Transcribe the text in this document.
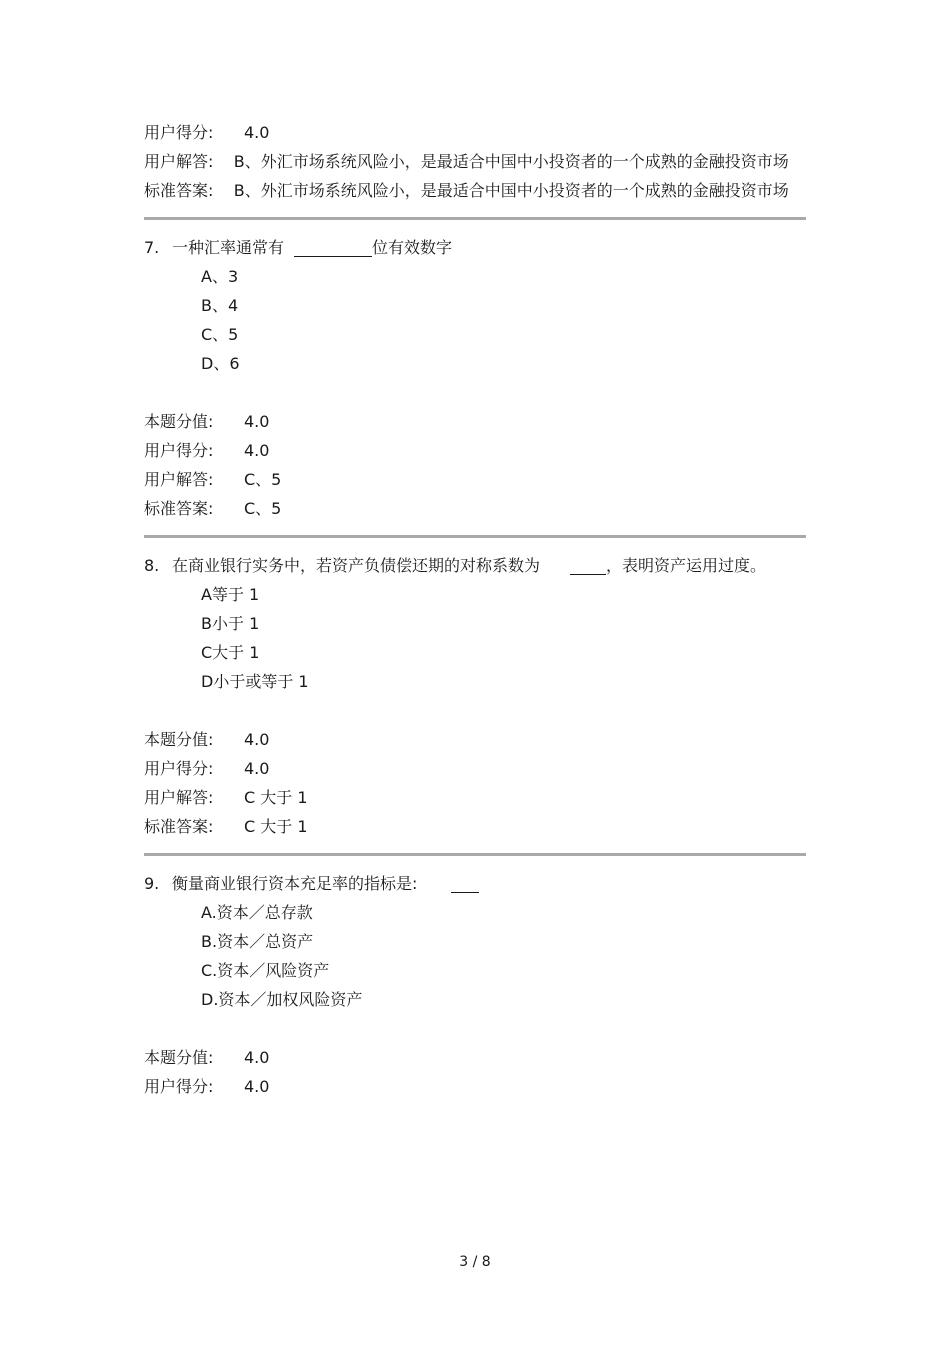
用户得分:	4.0
用户解答: B、外汇市场系统风险小，是最适合中国中小投资者的一个成熟的金融投资市场
标准答案: B、外汇市场系统风险小，是最适合中国中小投资者的一个成熟的金融投资市场
7. 一种汇率通常有	位有效数字
A、3
B、4
C、5
D、6
本题分值:	4.0
用户得分:	4.0
用户解答:	C、5
标准答案:	C、5
8. 在商业银行实务中，若资产负债偿还期的对称系数为	，表明资产运用过度。
A等于 1
B小于 1
C大于 1
D小于或等于 1
本题分值:	4.0
用户得分:	4.0
用户解答:	C 大于 1
标准答案:	C 大于 1
9. 衡量商业银行资本充足率的指标是:
A.资本／总存款
B.资本／总资产
C.资本／风险资产
D.资本／加权风险资产
本题分值:	4.0
用户得分:	4.0
3 / 8
